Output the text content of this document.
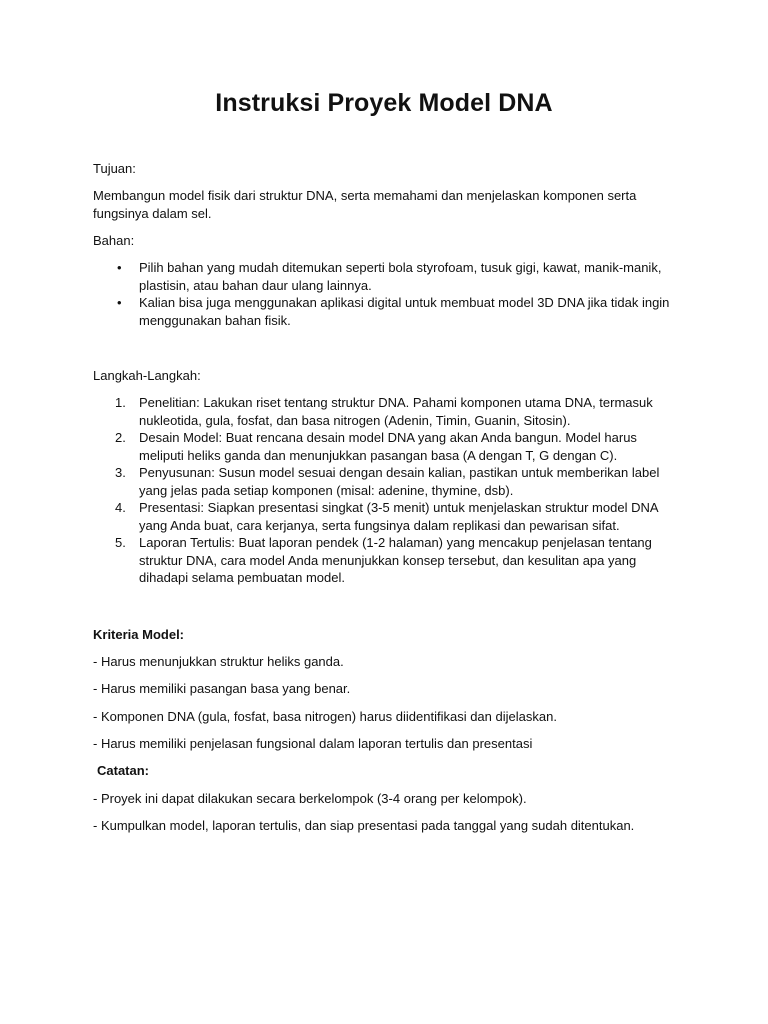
Instruksi Proyek Model DNA

Tujuan:

Membangun model fisik dari struktur DNA, serta memahami dan menjelaskan komponen serta fungsinya dalam sel.

Bahan:

• Pilih bahan yang mudah ditemukan seperti bola styrofoam, tusuk gigi, kawat, manik-manik, plastisin, atau bahan daur ulang lainnya.
• Kalian bisa juga menggunakan aplikasi digital untuk membuat model 3D DNA jika tidak ingin menggunakan bahan fisik.

Langkah-Langkah:

1. Penelitian: Lakukan riset tentang struktur DNA. Pahami komponen utama DNA, termasuk nukleotida, gula, fosfat, dan basa nitrogen (Adenin, Timin, Guanin, Sitosin).
2. Desain Model: Buat rencana desain model DNA yang akan Anda bangun. Model harus meliputi heliks ganda dan menunjukkan pasangan basa (A dengan T, G dengan C).
3. Penyusunan: Susun model sesuai dengan desain kalian, pastikan untuk memberikan label yang jelas pada setiap komponen (misal: adenine, thymine, dsb).
4. Presentasi: Siapkan presentasi singkat (3-5 menit) untuk menjelaskan struktur model DNA yang Anda buat, cara kerjanya, serta fungsinya dalam replikasi dan pewarisan sifat.
5. Laporan Tertulis: Buat laporan pendek (1-2 halaman) yang mencakup penjelasan tentang struktur DNA, cara model Anda menunjukkan konsep tersebut, dan kesulitan apa yang dihadapi selama pembuatan model.

Kriteria Model:

- Harus menunjukkan struktur heliks ganda.

- Harus memiliki pasangan basa yang benar.

- Komponen DNA (gula, fosfat, basa nitrogen) harus diidentifikasi dan dijelaskan.

- Harus memiliki penjelasan fungsional dalam laporan tertulis dan presentasi

Catatan:

- Proyek ini dapat dilakukan secara berkelompok (3-4 orang per kelompok).

- Kumpulkan model, laporan tertulis, dan siap presentasi pada tanggal yang sudah ditentukan.
